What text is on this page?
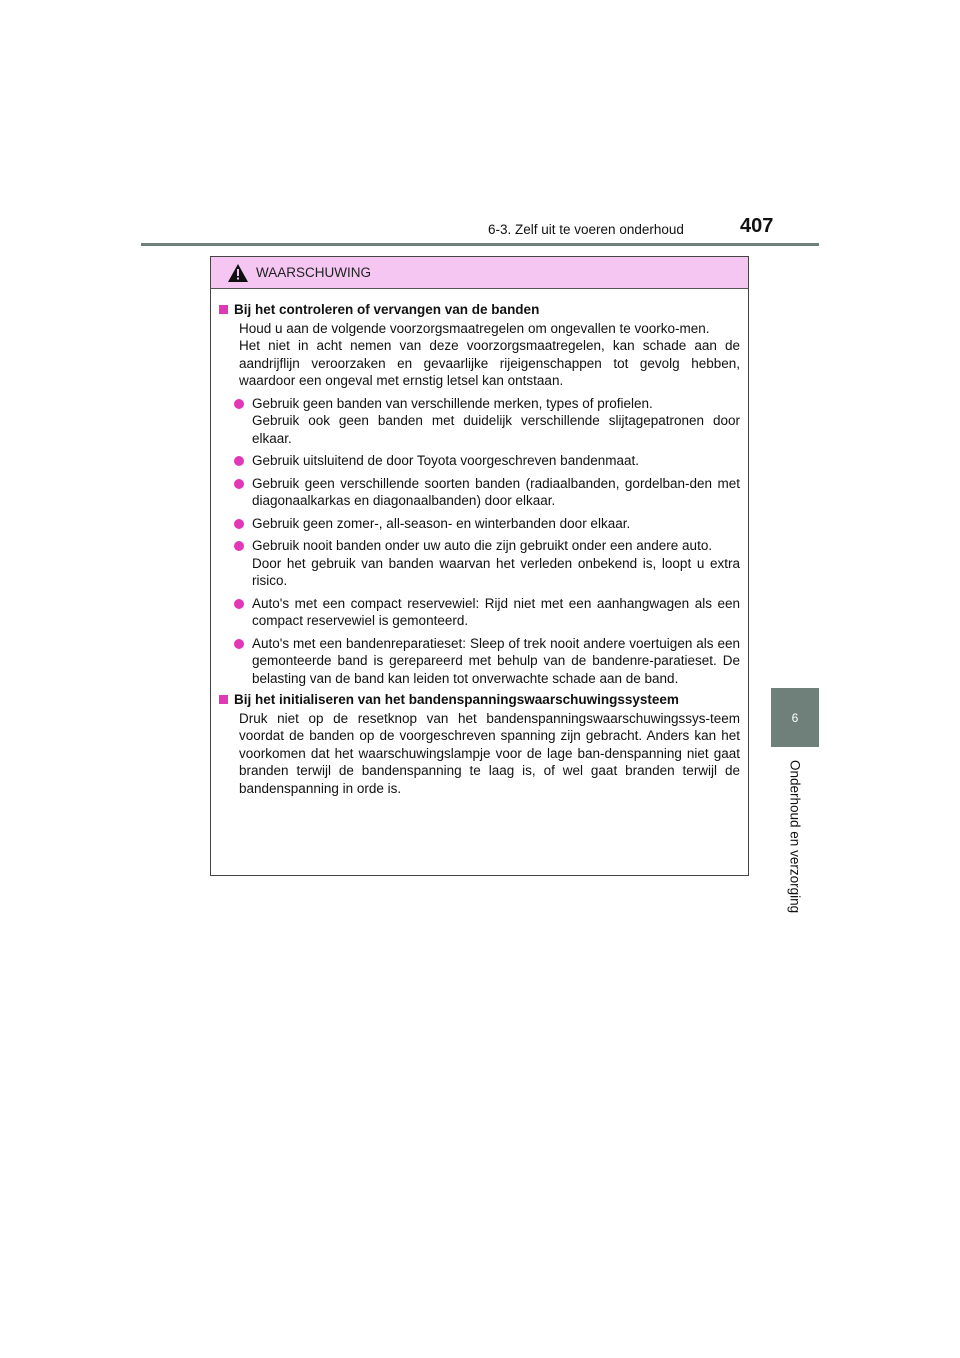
407
6-3. Zelf uit te voeren onderhoud
6
Onderhoud en verzorging
WAARSCHUWING
Bij het controleren of vervangen van de banden
Houd u aan de volgende voorzorgsmaatregelen om ongevallen te voorko-men.
Het niet in acht nemen van deze voorzorgsmaatregelen, kan schade aan de aandrijflijn veroorzaken en gevaarlijke rijeigenschappen tot gevolg hebben, waardoor een ongeval met ernstig letsel kan ontstaan.
Gebruik geen banden van verschillende merken, types of profielen.
Gebruik ook geen banden met duidelijk verschillende slijtagepatronen door elkaar.
Gebruik uitsluitend de door Toyota voorgeschreven bandenmaat.
Gebruik geen verschillende soorten banden (radiaalbanden, gordelban-den met diagonaalkarkas en diagonaalbanden) door elkaar.
Gebruik geen zomer-, all-season- en winterbanden door elkaar.
Gebruik nooit banden onder uw auto die zijn gebruikt onder een andere auto.
Door het gebruik van banden waarvan het verleden onbekend is, loopt u extra risico.
Auto's met een compact reservewiel: Rijd niet met een aanhangwagen als een compact reservewiel is gemonteerd.
Auto's met een bandenreparatieset: Sleep of trek nooit andere voertuigen als een gemonteerde band is gerepareerd met behulp van de bandenre-paratieset. De belasting van de band kan leiden tot onverwachte schade aan de band.
Bij het initialiseren van het bandenspanningswaarschuwingssysteem
Druk niet op de resetknop van het bandenspanningswaarschuwingssys-teem voordat de banden op de voorgeschreven spanning zijn gebracht. Anders kan het voorkomen dat het waarschuwingslampje voor de lage ban-denspanning niet gaat branden terwijl de bandenspanning te laag is, of wel gaat branden terwijl de bandenspanning in orde is.
